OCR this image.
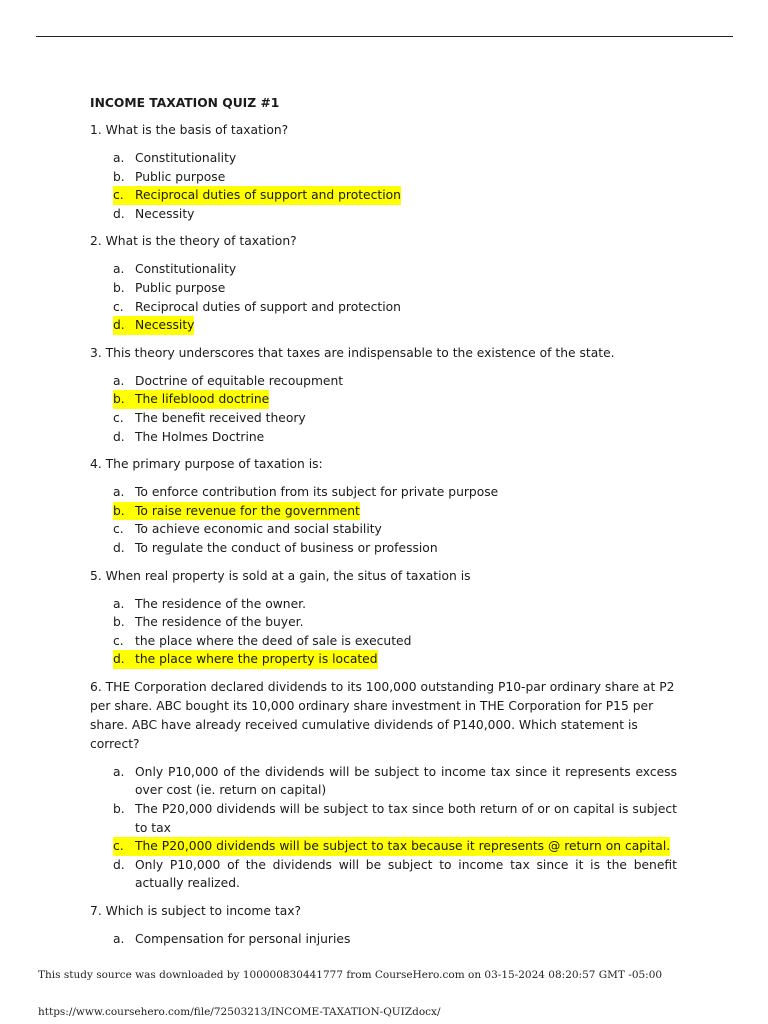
INCOME TAXATION QUIZ #1
1. What is the basis of taxation?
a. Constitutionality
b. Public purpose
c. Reciprocal duties of support and protection
d. Necessity
2. What is the theory of taxation?
a. Constitutionality
b. Public purpose
c. Reciprocal duties of support and protection
d. Necessity
3. This theory underscores that taxes are indispensable to the existence of the state.
a. Doctrine of equitable recoupment
b. The lifeblood doctrine
c. The benefit received theory
d. The Holmes Doctrine
4. The primary purpose of taxation is:
a. To enforce contribution from its subject for private purpose
b. To raise revenue for the government
c. To achieve economic and social stability
d. To regulate the conduct of business or profession
5. When real property is sold at a gain, the situs of taxation is
a. The residence of the owner.
b. The residence of the buyer.
c. the place where the deed of sale is executed
d. the place where the property is located
6. THE Corporation declared dividends to its 100,000 outstanding P10-par ordinary share at P2 per share. ABC bought its 10,000 ordinary share investment in THE Corporation for P15 per share. ABC have already received cumulative dividends of P140,000. Which statement is correct?
a. Only P10,000 of the dividends will be subject to income tax since it represents excess over cost (ie. return on capital)
b. The P20,000 dividends will be subject to tax since both return of or on capital is subject to tax
c. The P20,000 dividends will be subject to tax because it represents @ return on capital.
d. Only P10,000 of the dividends will be subject to income tax since it is the benefit actually realized.
7. Which is subject to income tax?
a. Compensation for personal injuries
This study source was downloaded by 100000830441777 from CourseHero.com on 03-15-2024 08:20:57 GMT -05:00
https://www.coursehero.com/file/72503213/INCOME-TAXATION-QUIZdocx/
